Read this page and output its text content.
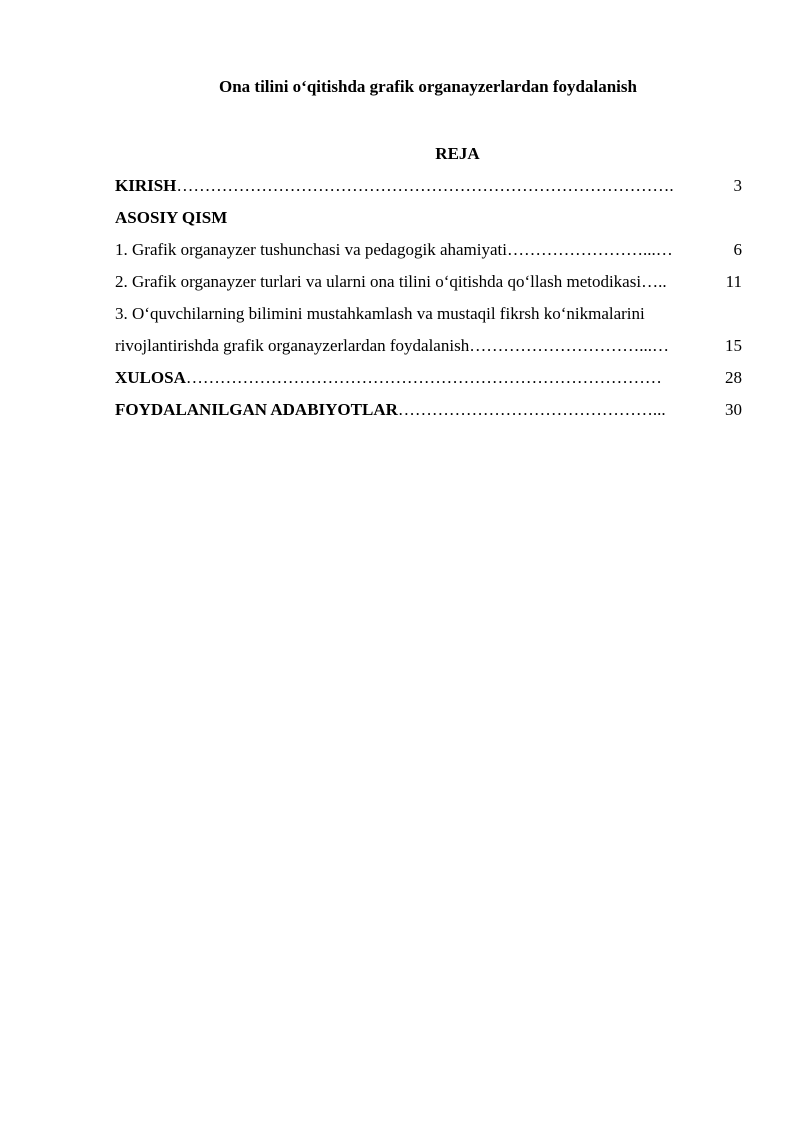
Ona tilini o‘qitishda grafik organayzerlardan foydalanish
REJA
KIRISH …………………………………………………………………………….	3
ASOSIY QISM
1. Grafik organayzer tushunchasi va pedagogik ahamiyati ……………………...…	6
2. Grafik organayzer turlari va ularni ona tilini o‘qitishda qo‘llash metodikasi …..	11
3. O‘quvchilarning bilimini mustahkamlash va mustaqil fikrsh ko‘nikmalarini
rivojlantirishda grafik organayzerlardan foydalanish …………………………...…	15
XULOSA …………………………………………………………………………	28
FOYDALANILGAN ADABIYOTLAR ………………………………………...	30
